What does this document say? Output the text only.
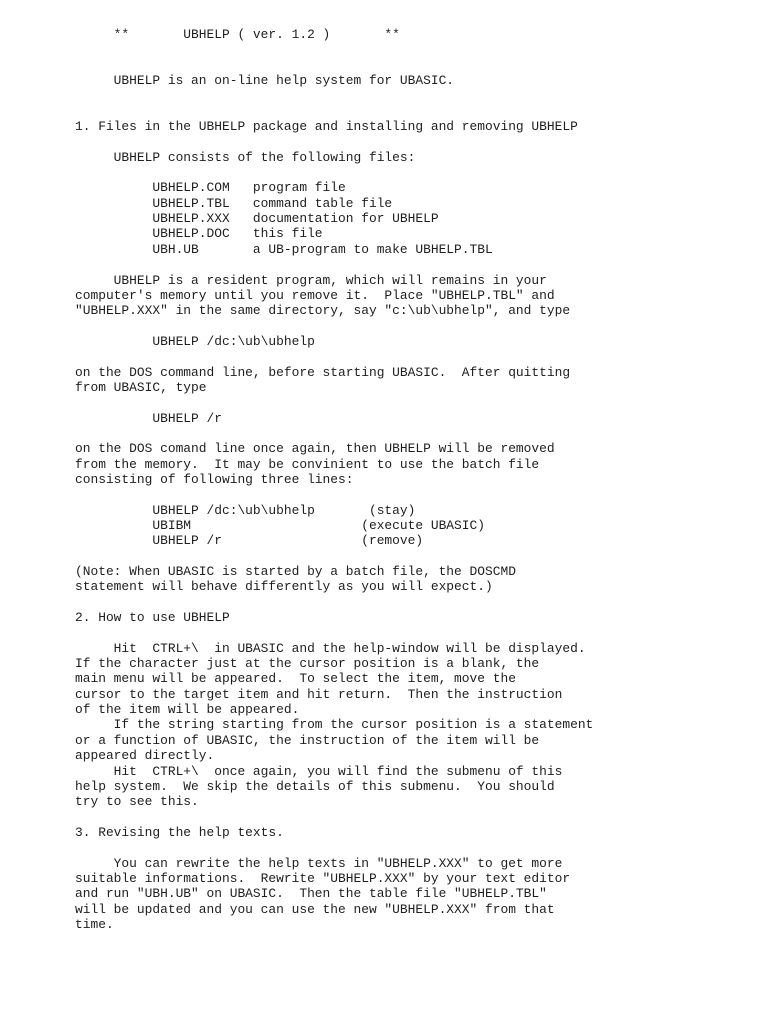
**       UBHELP ( ver. 1.2 )       **
UBHELP is an on-line help system for UBASIC.
1. Files in the UBHELP package and installing and removing UBHELP
UBHELP consists of the following files:
UBHELP.COM   program file
UBHELP.TBL   command table file
UBHELP.XXX   documentation for UBHELP
UBHELP.DOC   this file
UBH.UB       a UB-program to make UBHELP.TBL
UBHELP is a resident program, which will remains in your
computer's memory until you remove it.  Place "UBHELP.TBL" and
"UBHELP.XXX" in the same directory, say "c:\ub\ubhelp", and type
UBHELP /dc:\ub\ubhelp
on the DOS command line, before starting UBASIC.  After quitting
from UBASIC, type
UBHELP /r
on the DOS comand line once again, then UBHELP will be removed
from the memory.  It may be convinient to use the batch file
consisting of following three lines:
UBHELP /dc:\ub\ubhelp       (stay)
UBIBM                      (execute UBASIC)
UBHELP /r                  (remove)
(Note: When UBASIC is started by a batch file, the DOSCMD
statement will behave differently as you will expect.)
2. How to use UBHELP
Hit  CTRL+\  in UBASIC and the help-window will be displayed.
If the character just at the cursor position is a blank, the
main menu will be appeared.  To select the item, move the
cursor to the target item and hit return.  Then the instruction
of the item will be appeared.
If the string starting from the cursor position is a statement
or a function of UBASIC, the instruction of the item will be
appeared directly.
Hit  CTRL+\  once again, you will find the submenu of this
help system.  We skip the details of this submenu.  You should
try to see this.
3. Revising the help texts.
You can rewrite the help texts in "UBHELP.XXX" to get more
suitable informations.  Rewrite "UBHELP.XXX" by your text editor
and run "UBH.UB" on UBASIC.  Then the table file "UBHELP.TBL"
will be updated and you can use the new "UBHELP.XXX" from that
time.
